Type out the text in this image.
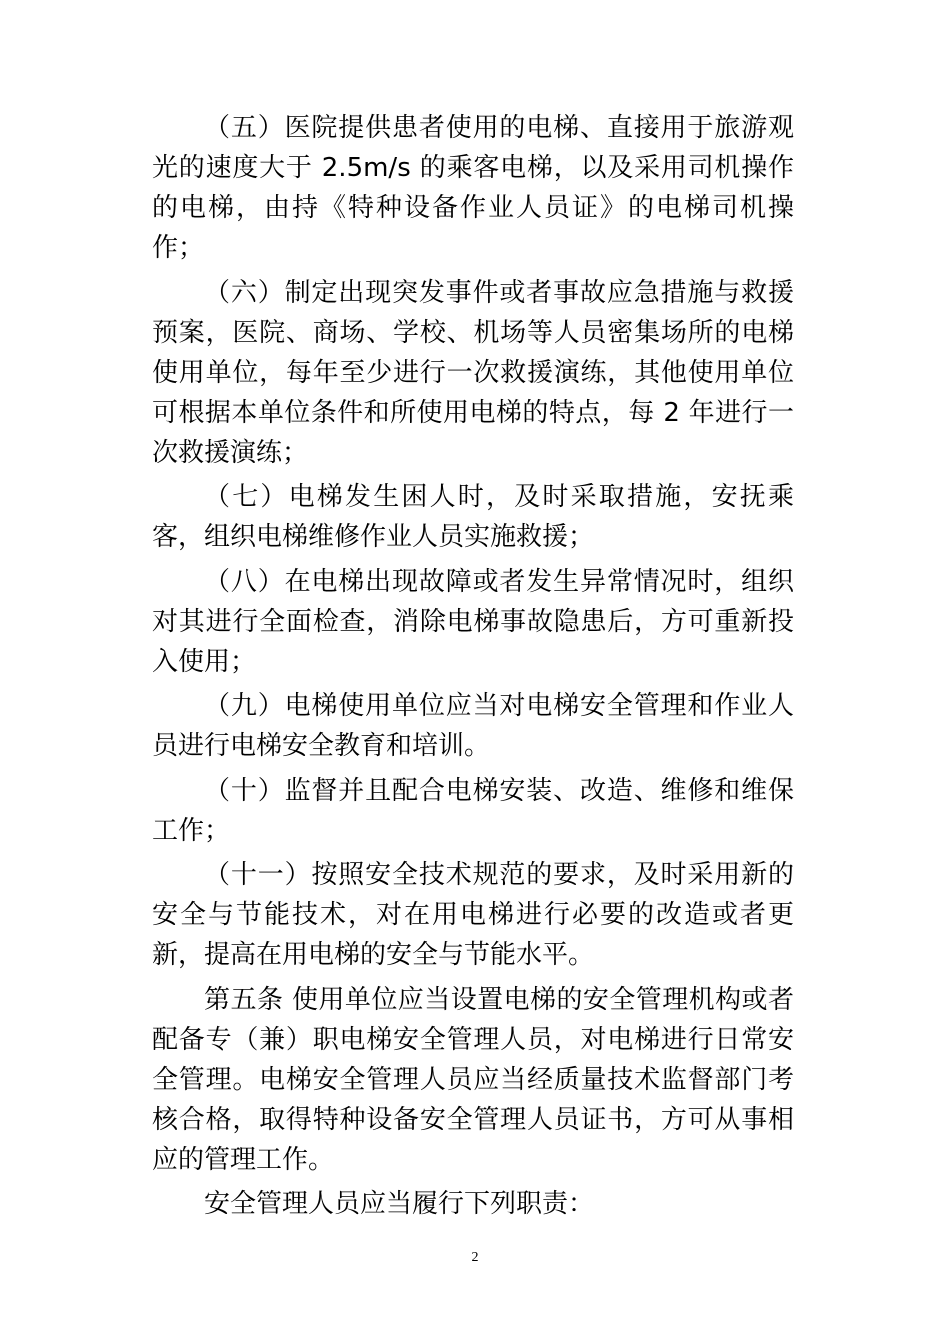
（五）医院提供患者使用的电梯、直接用于旅游观光的速度大于 2.5m/s 的乘客电梯，以及采用司机操作的电梯，由持《特种设备作业人员证》的电梯司机操作；

（六）制定出现突发事件或者事故应急措施与救援预案，医院、商场、学校、机场等人员密集场所的电梯使用单位，每年至少进行一次救援演练，其他使用单位可根据本单位条件和所使用电梯的特点，每 2 年进行一次救援演练；

（七）电梯发生困人时，及时采取措施，安抚乘客，组织电梯维修作业人员实施救援；

（八）在电梯出现故障或者发生异常情况时，组织对其进行全面检查，消除电梯事故隐患后，方可重新投入使用；

（九）电梯使用单位应当对电梯安全管理和作业人员进行电梯安全教育和培训。

（十）监督并且配合电梯安装、改造、维修和维保工作；

（十一）按照安全技术规范的要求，及时采用新的安全与节能技术，对在用电梯进行必要的改造或者更新，提高在用电梯的安全与节能水平。

第五条 使用单位应当设置电梯的安全管理机构或者配备专（兼）职电梯安全管理人员，对电梯进行日常安全管理。电梯安全管理人员应当经质量技术监督部门考核合格，取得特种设备安全管理人员证书，方可从事相应的管理工作。

安全管理人员应当履行下列职责：

2
